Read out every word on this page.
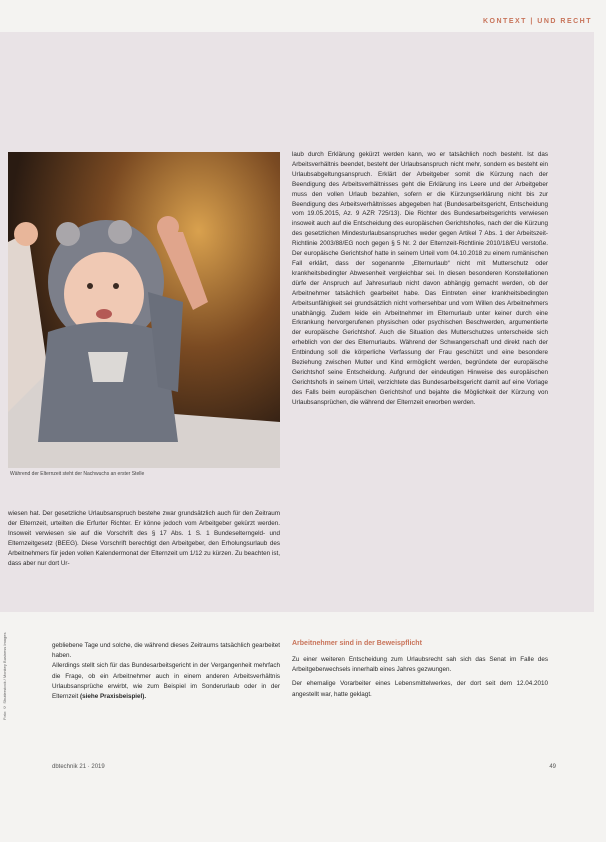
KONTEXT | UND RECHT
Während der Elternzeit steht der Nachwuchs an erster Stelle

wiesen hat. Der gesetzliche Urlaubsanspruch bestehe zwar grundsätzlich auch für den Zeitraum der Elternzeit, urteilten die Erfurter Richter. Er könne jedoch vom Arbeitgeber gekürzt werden. Insoweit verwiesen sie auf die Vorschrift des § 17 Abs. 1 S. 1 Bundeselterngeld- und Elternzeitgesetz (BEEG). Diese Vorschrift berechtigt den Arbeitgeber, den Erholungsurlaub des Arbeitnehmers für jeden vollen Kalendermonat der Elternzeit um 1/12 zu kürzen. Zu beachten ist, dass aber nur dort Ur-

laub durch Erklärung gekürzt werden kann, wo er tatsächlich noch besteht. Ist das Arbeitsverhältnis beendet, besteht der Urlaubsanspruch nicht mehr, sondern es besteht ein Urlaubsabgeltungsanspruch. Erklärt der Arbeitgeber somit die Kürzung nach der Beendigung des Arbeitsverhältnisses geht die Erklärung ins Leere und der Arbeitgeber muss den vollen Urlaub bezahlen, sofern er die Kürzungserklärung nicht bis zur Beendigung des Arbeitsverhältnisses abgegeben hat (Bundesarbeitsgericht, Entscheidung vom 19.05.2015, Az. 9 AZR 725/13). Die Richter des Bundesarbeitsgerichts verwiesen insoweit auch auf die Entscheidung des europäischen Gerichtshofes, nach der die Kürzung des gesetzlichen Mindesturlaubsanspruches weder gegen Artikel 7 Abs. 1 der Arbeitszeit-Richtlinie 2003/88/EG noch gegen § 5 Nr. 2 der Elternzeit-Richtlinie 2010/18/EU verstoße. Der europäische Gerichtshof hatte in seinem Urteil vom 04.10.2018 zu einem rumänischen Fall erklärt, dass der sogenannte „Elternurlaub“ nicht mit Mutterschutz oder krankheitsbedingter Abwesenheit vergleichbar sei. In diesen besonderen Konstellationen dürfe der Anspruch auf Jahresurlaub nicht davon abhängig gemacht werden, ob der Arbeitnehmer tatsächlich gearbeitet habe. Das Eintreten einer krankheitsbedingten Arbeitsunfähigkeit sei grundsätzlich nicht vorhersehbar und vom Willen des Arbeitnehmers unabhängig. Zudem leide ein Arbeitnehmer im Elternurlaub unter keiner durch eine Erkrankung hervorgerufenen physischen oder psychischen Beschwerden, argumentierte der europäische Gerichtshof. Auch die Situation des Mutterschutzes unterscheide sich erheblich von der des Elternurlaubs. Während der Schwangerschaft und direkt nach der Entbindung soll die körperliche Verfassung der Frau geschützt und eine besondere Beziehung zwischen Mutter und Kind ermöglicht werden, begründete der europäische Gerichtshof seine Entscheidung. Aufgrund der eindeutigen Hinweise des europäischen Gerichtshofs in seinem Urteil, verzichtete das Bundesarbeitsgericht damit auf eine Vorlage des Falls beim europäischen Gerichtshof und bejahte die Möglichkeit der Kürzung von Urlaubsansprüchen, die während der Elternzeit erworben werden.

gebliebene Tage und solche, die während dieses Zeitraums tatsächlich gearbeitet haben.

Allerdings stellt sich für das Bundesarbeitsgericht in der Vergangenheit mehrfach die Frage, ob ein Arbeitnehmer auch in einem anderen Arbeitsverhältnis Urlaubsansprüche erwirbt, wie zum Beispiel im Sonderurlaub oder in der Elternzeit (siehe Praxisbeispiel).

Arbeitnehmer sind in der Beweispflicht

Zu einer weiteren Entscheidung zum Urlaubsrecht sah sich das Senat im Falle des Arbeitgeberwechsels innerhalb eines Jahres gezwungen.

Der ehemalige Vorarbeiter eines Lebensmittelwerkes, der dort seit dem 12.04.2010 angestellt war, hatte geklagt.

Foto: © Shutterstock / Monkey Business Images
dbtechnik 21 · 2019	49
